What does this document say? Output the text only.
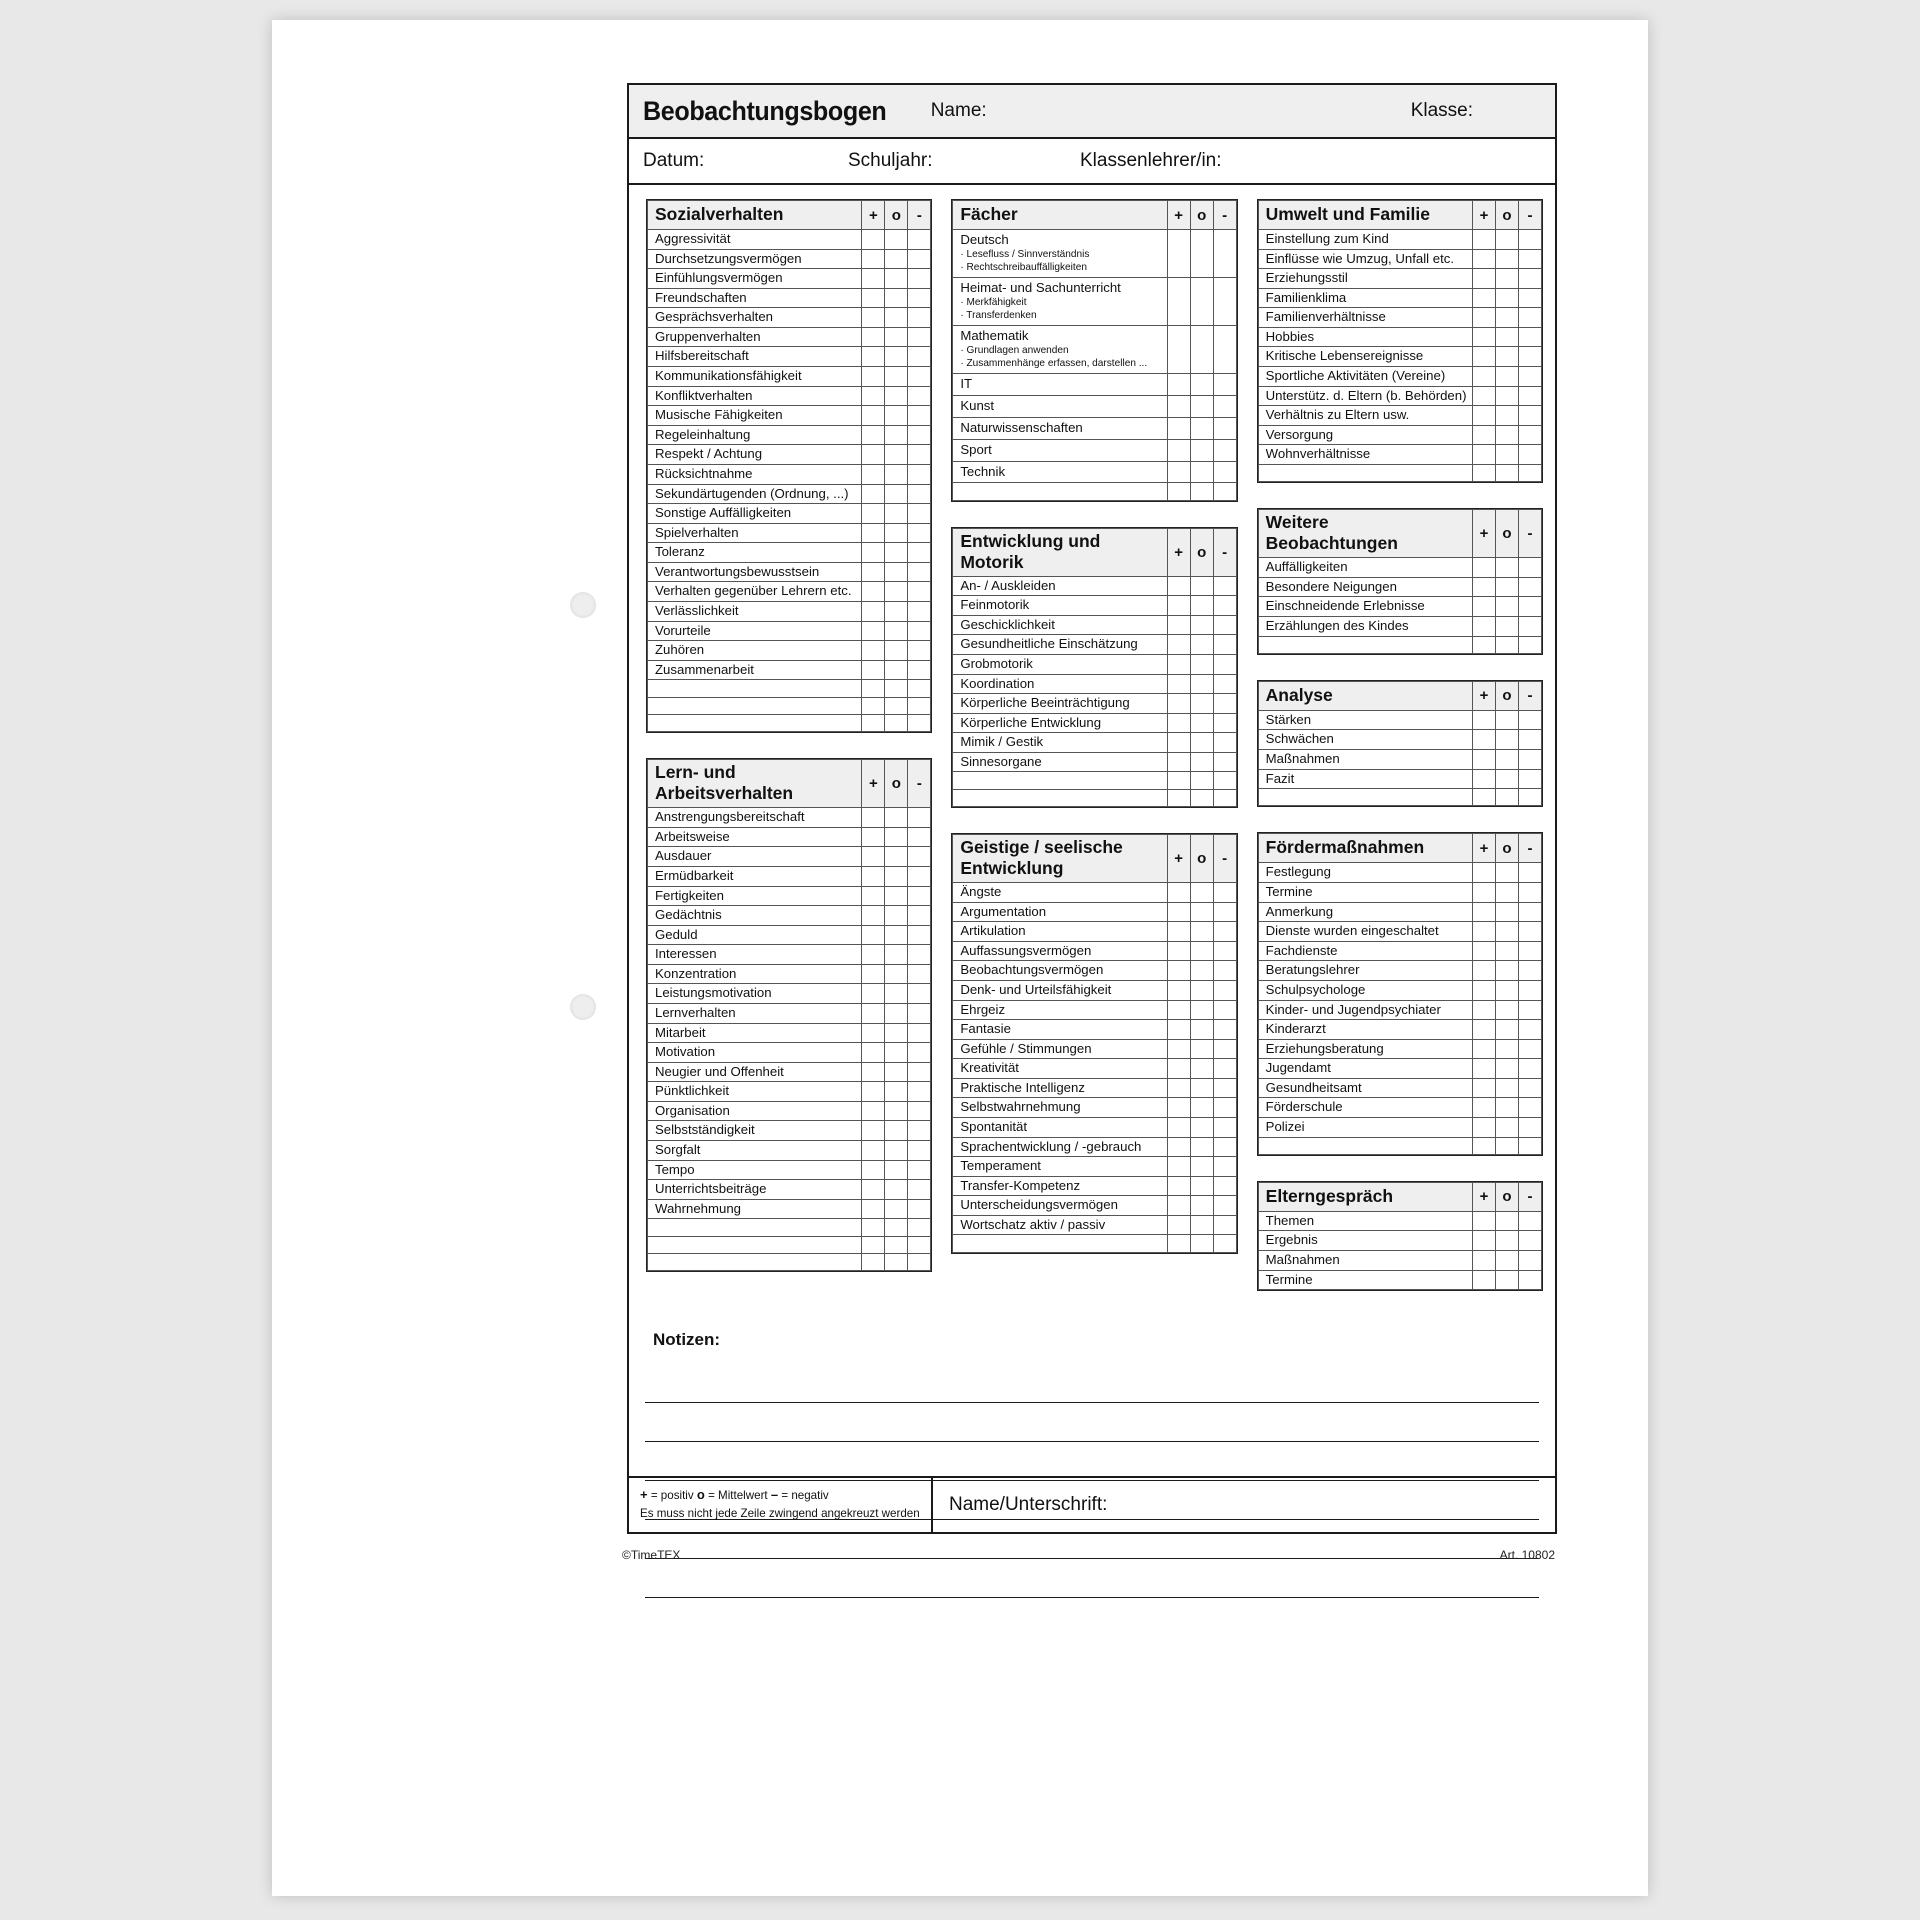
Beobachtungsbogen Name:	Klasse:
Datum:	Schuljahr:	Klassenlehrer/in:
Sozialverhalten	+	o	-
Aggressivität			
Durchsetzungsvermögen			
Einfühlungsvermögen			
Freundschaften			
Gesprächsverhalten			
Gruppenverhalten			
Hilfsbereitschaft			
Kommunikationsfähigkeit			
Konfliktverhalten			
Musische Fähigkeiten			
Regeleinhaltung			
Respekt / Achtung			
Rücksichtnahme			
Sekundärtugenden (Ordnung, ...)			
Sonstige Auffälligkeiten			
Spielverhalten			
Toleranz			
Verantwortungsbewusstsein			
Verhalten gegenüber Lehrern etc.			
Verlässlichkeit			
Vorurteile			
Zuhören			
Zusammenarbeit			

Lern- und
Arbeitsverhalten	+	o	-
Anstrengungsbereitschaft			
Arbeitsweise			
Ausdauer			
Ermüdbarkeit			
Fertigkeiten			
Gedächtnis			
Geduld			
Interessen			
Konzentration			
Leistungsmotivation			
Lernverhalten			
Mitarbeit			
Motivation			
Neugier und Offenheit			
Pünktlichkeit			
Organisation			
Selbstständigkeit			
Sorgfalt			
Tempo			
Unterrichtsbeiträge			
Wahrnehmung			

Fächer	+	o	-

Deutsch
· Lesefluss / Sinnverständnis
· Rechtschreibauffälligkeiten			

Heimat- und Sachunterricht
· Merkfähigkeit
· Transferdenken			

Mathematik
· Grundlagen anwenden
· Zusammenhänge erfassen, darstellen ...			

IT			

Kunst			

Naturwissenschaften			

Sport			

Technik			

Entwicklung und
Motorik	+	o	-
An- / Auskleiden			
Feinmotorik			
Geschicklichkeit			
Gesundheitliche Einschätzung			
Grobmotorik			
Koordination			
Körperliche Beeinträchtigung			
Körperliche Entwicklung			
Mimik / Gestik			
Sinnesorgane			

Geistige / seelische
Entwicklung	+	o	-
Ängste			
Argumentation			
Artikulation			
Auffassungsvermögen			
Beobachtungsvermögen			
Denk- und Urteilsfähigkeit			
Ehrgeiz			
Fantasie			
Gefühle / Stimmungen			
Kreativität			
Praktische Intelligenz			
Selbstwahrnehmung			
Spontanität			
Sprachentwicklung / -gebrauch			
Temperament			
Transfer-Kompetenz			
Unterscheidungsvermögen			
Wortschatz aktiv / passiv			

Umwelt und Familie	+	o	-
Einstellung zum Kind			
Einflüsse wie Umzug, Unfall etc.			
Erziehungsstil			
Familienklima			
Familienverhältnisse			
Hobbies			
Kritische Lebensereignisse			
Sportliche Aktivitäten (Vereine)			
Unterstütz. d. Eltern (b. Behörden)			
Verhältnis zu Eltern usw.			
Versorgung			
Wohnverhältnisse			

Weitere
Beobachtungen	+	o	-
Auffälligkeiten			
Besondere Neigungen			
Einschneidende Erlebnisse			
Erzählungen des Kindes			

Analyse	+	o	-
Stärken			
Schwächen			
Maßnahmen			
Fazit			

Fördermaßnahmen	+	o	-
Festlegung			
Termine			
Anmerkung			
Dienste wurden eingeschaltet			
Fachdienste			
Beratungslehrer			
Schulpsychologe			
Kinder- und Jugendpsychiater			
Kinderarzt			
Erziehungsberatung			
Jugendamt			
Gesundheitsamt			
Förderschule			
Polizei			

Elterngespräch	+	o	-
Themen			
Ergebnis			
Maßnahmen			
Termine			
Notizen:
+ = positiv o = Mittelwert – = negativ
Es muss nicht jede Zeile zwingend angekreuzt werden	Name/Unterschrift:
©TimeTEX	Art. 10802
